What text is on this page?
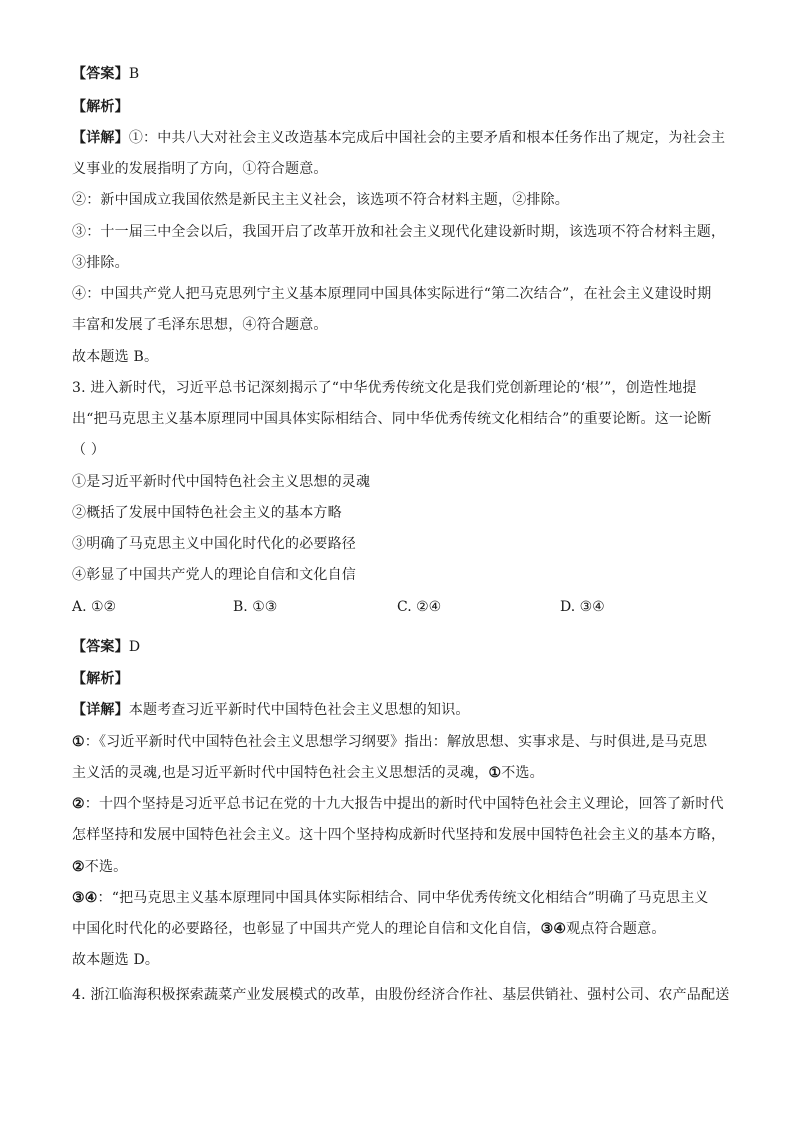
【答案】B
【解析】
【详解】①：中共八大对社会主义改造基本完成后中国社会的主要矛盾和根本任务作出了规定，为社会主
义事业的发展指明了方向，①符合题意。
②：新中国成立我国依然是新民主主义社会，该选项不符合材料主题，②排除。
③：十一届三中全会以后，我国开启了改革开放和社会主义现代化建设新时期，该选项不符合材料主题，
③排除。
④：中国共产党人把马克思列宁主义基本原理同中国具体实际进行“第二次结合”，在社会主义建设时期
丰富和发展了毛泽东思想，④符合题意。
故本题选 B。
3. 进入新时代，习近平总书记深刻揭示了“中华优秀传统文化是我们党创新理论的‘根’”，创造性地提
出“把马克思主义基本原理同中国具体实际相结合、同中华优秀传统文化相结合”的重要论断。这一论断
（ ）
①是习近平新时代中国特色社会主义思想的灵魂
②概括了发展中国特色社会主义的基本方略
③明确了马克思主义中国化时代化的必要路径
④彰显了中国共产党人的理论自信和文化自信
A. ①②	B. ①③	C. ②④	D. ③④
【答案】D
【解析】
【详解】本题考查习近平新时代中国特色社会主义思想的知识。
①：《习近平新时代中国特色社会主义思想学习纲要》指出：解放思想、实事求是、与时俱进,是马克思
主义活的灵魂,也是习近平新时代中国特色社会主义思想活的灵魂，①不选。
②：十四个坚持是习近平总书记在党的十九大报告中提出的新时代中国特色社会主义理论，回答了新时代
怎样坚持和发展中国特色社会主义。这十四个坚持构成新时代坚持和发展中国特色社会主义的基本方略，
②不选。
③④：“把马克思主义基本原理同中国具体实际相结合、同中华优秀传统文化相结合”明确了马克思主义
中国化时代化的必要路径，也彰显了中国共产党人的理论自信和文化自信，③④观点符合题意。
故本题选 D。
4. 浙江临海积极探索蔬菜产业发展模式的改革，由股份经济合作社、基层供销社、强村公司、农产品配送
